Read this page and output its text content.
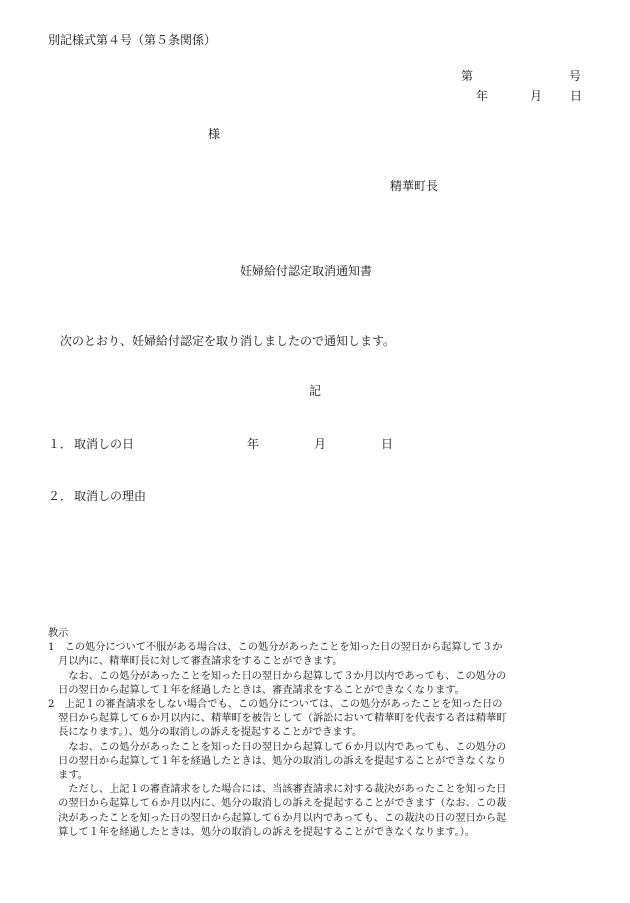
別記様式第４号（第５条関係）
第	号
年	月 日
様
精華町長
妊婦給付認定取消通知書
次のとおり、妊婦給付認定を取り消しましたので通知します。
記
１． 取消しの日	年	月	日
２． 取消しの理由
教示
1　この処分について不服がある場合は、この処分があったことを知った日の翌日から起算して３か
　月以内に、精華町長に対して審査請求をすることができます。
　　なお、この処分があったことを知った日の翌日から起算して３か月以内であっても、この処分の
　日の翌日から起算して１年を経過したときは、審査請求をすることができなくなります。
2　上記１の審査請求をしない場合でも、この処分については、この処分があったことを知った日の
　翌日から起算して６か月以内に、精華町を被告として（訴訟において精華町を代表する者は精華町
　長になります。）、処分の取消しの訴えを提起することができます。
　　なお、この処分があったことを知った日の翌日から起算して６か月以内であっても、この処分の
　日の翌日から起算して１年を経過したときは、処分の取消しの訴えを提起することができなくなり
　ます。
　　ただし、上記１の審査請求をした場合には、当該審査請求に対する裁決があったことを知った日
　の翌日から起算して６か月以内に、処分の取消しの訴えを提起することができます（なお、この裁
　決があったことを知った日の翌日から起算して６か月以内であっても、この裁決の日の翌日から起
　算して１年を経過したときは、処分の取消しの訴えを提起することができなくなります。）。
